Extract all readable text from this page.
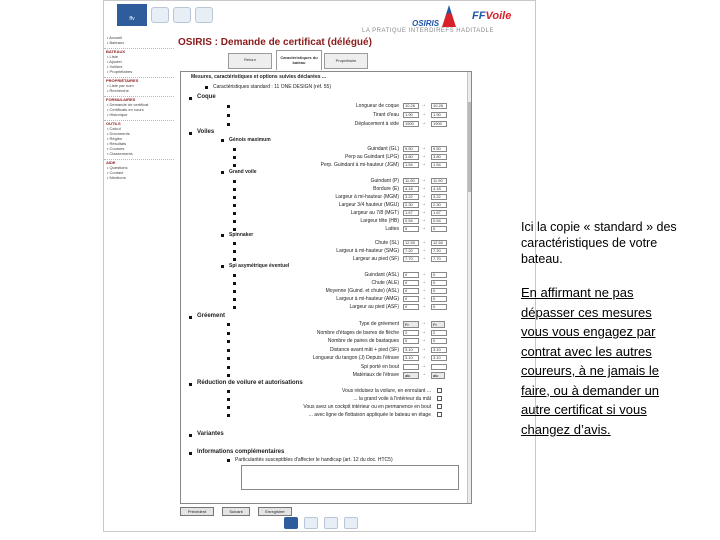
ffv	OSIRIS
FFVoile
LA PRATIQUE INTERDIREFS HADITADLE
• Accueil
• Bateaux
BATEAUX
• Liste
• Ajouter
• Voiliers
• Propriétaires
PROPRIÉTAIRES
• Liste par nom
• Recherche
FORMULAIRES
• Demande de certificat
• Certificats en cours
• Historique
OUTILS
• Calcul
• Documents
• Règles
• Résultats
• Courses
• Classements
AIDE
• Questions
• Contact
• Mentions
OSIRIS : Demande de certificat (délégué)
Retour	Caractéristiques du bateau	Propriétaire
Mesures, caractéristiques et options suivies déclarées ...
Caractéristiques standard : 11 ONE DESIGN (réf. 55)
Coque
Longueur de coque	10.26	→	10.26
Tirant d'eau	1.90	→	1.90
Déplacement à vide	1900	→	1900
Voiles
Génois maximum
Guindant (GL)	9.50	→	9.50
Perp au Guindant (LPG)	3.80	→	3.80
Perp. Guindant à mi-hauteur (JGM)	1.54	→	1.54
Grand voile
Guindant (P)	11.90	→	11.90
Bordure (E)	4.18	→	4.18
Largeur à mi-hauteur (MGM)	3.22	→	3.22
Largeur 3/4 hauteur (MGU)	2.30	→	2.30
Largeur au 7/8 (MGT)	1.67	→	1.67
Largeur tête (HB)	0.54	→	0.54
Lattes	5	→	5
Spinnaker
Chute (SL)	12.50	→	12.50
Largeur à mi-hauteur (SMG)	7.20	→	7.20
Largeur au pied (SF)	7.70	→	7.70
Spi asymétrique éventuel
Guindant (ASL)	0	→	0
Chute (ALE)	0	→	0
Moyenne (Guind. et chute) (ASL)	0	→	0
Largeur à mi-hauteur (AMG)	0	→	0
Largeur au pied (ASF)	0	→	0
Gréement
Type de gréement	Fr	→	Fr
Nombre d'étages de barres de flèche	2	→	2
Nombre de paires de bastaques	0	→	0
Distance avant mât + pied (SF)	3.10	→	3.10
Longueur du tangon (J) Depuis l'étrave	3.10	→	3.10
Spi porté en bout	→
Matériaux de l'étrave	alu	→	alu
Réduction de voilure et autorisations
Vous réduisez la voilure, en enroulant ...
... la grand voile à l'intérieur du mât
Vous avez un cockpit intérieur ou en permanence en bout
... avec ligne de flottaison appliquée le bateau en étage
Variantes
Informations complémentaires
Particularités susceptibles d'affecter le handicap (art. 12 du doc. HTC5)
Précédent	Suivant	Enregistrer
Ici la copie « standard » des caractéristiques de votre bateau.
En affirmant ne pas dépasser ces mesures vous vous engagez par contrat avec les autres coureurs, à ne jamais le faire, ou à demander un autre certificat si vous changez d’avis.
